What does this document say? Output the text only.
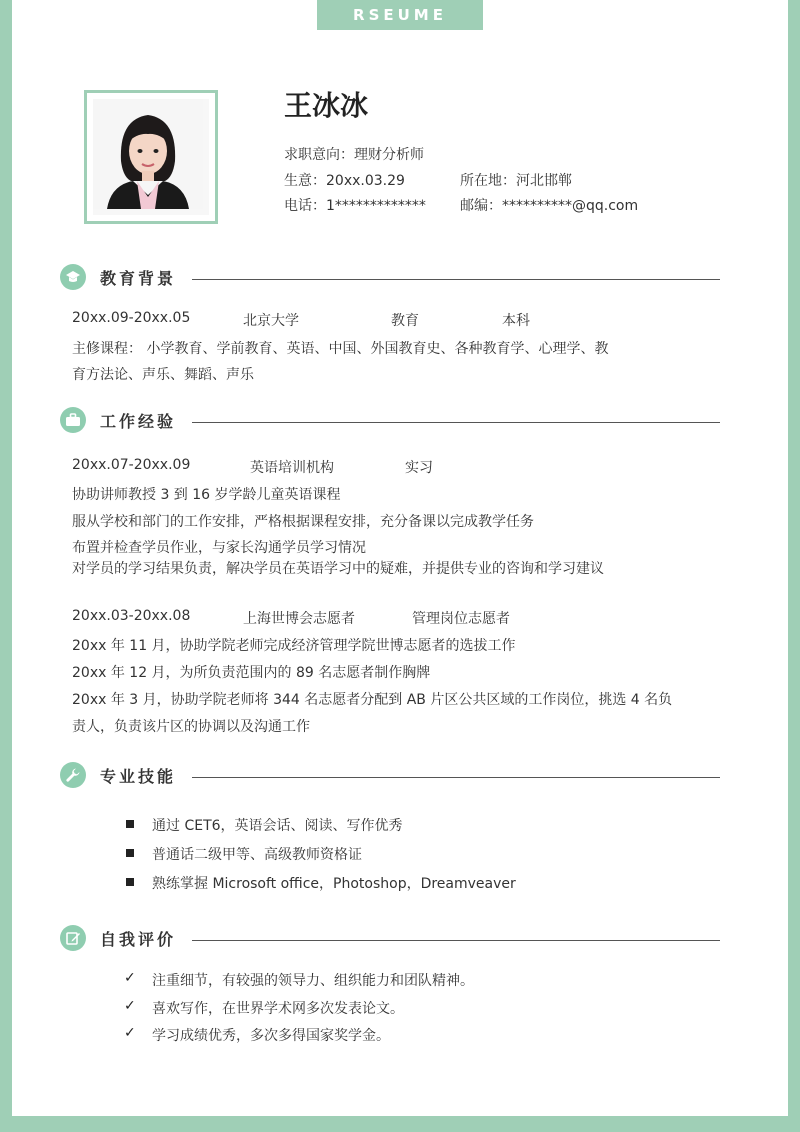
RSEUME
王冰冰
求职意向：理财分析师
生意：20xx.03.29	所在地：河北邯郸
电话：1************* 邮编：**********@qq.com
教育背景
20xx.09-20xx.05	北京大学	教育	本科
主修课程： 小学教育、学前教育、英语、中国、外国教育史、各种教育学、心理学、教
育方法论、声乐、舞蹈、声乐
工作经验
20xx.07-20xx.09	英语培训机构	实习
协助讲师教授 3 到 16 岁学龄儿童英语课程
服从学校和部门的工作安排，严格根据课程安排，充分备课以完成教学任务
布置并检查学员作业，与家长沟通学员学习情况
对学员的学习结果负责，解决学员在英语学习中的疑难，并提供专业的咨询和学习建议
20xx.03-20xx.08	上海世博会志愿者	管理岗位志愿者
20xx 年 11 月，协助学院老师完成经济管理学院世博志愿者的选拔工作
20xx 年 12 月，为所负责范围内的 89 名志愿者制作胸牌
20xx 年 3 月，协助学院老师将 344 名志愿者分配到 AB 片区公共区域的工作岗位，挑选 4 名负
责人，负责该片区的协调以及沟通工作
专业技能
通过 CET6，英语会话、阅读、写作优秀
普通话二级甲等、高级教师资格证
熟练掌握 Microsoft office，Photoshop，Dreamveaver
自我评价
✓ 注重细节，有较强的领导力、组织能力和团队精神。
✓ 喜欢写作，在世界学术网多次发表论文。
✓ 学习成绩优秀，多次多得国家奖学金。
